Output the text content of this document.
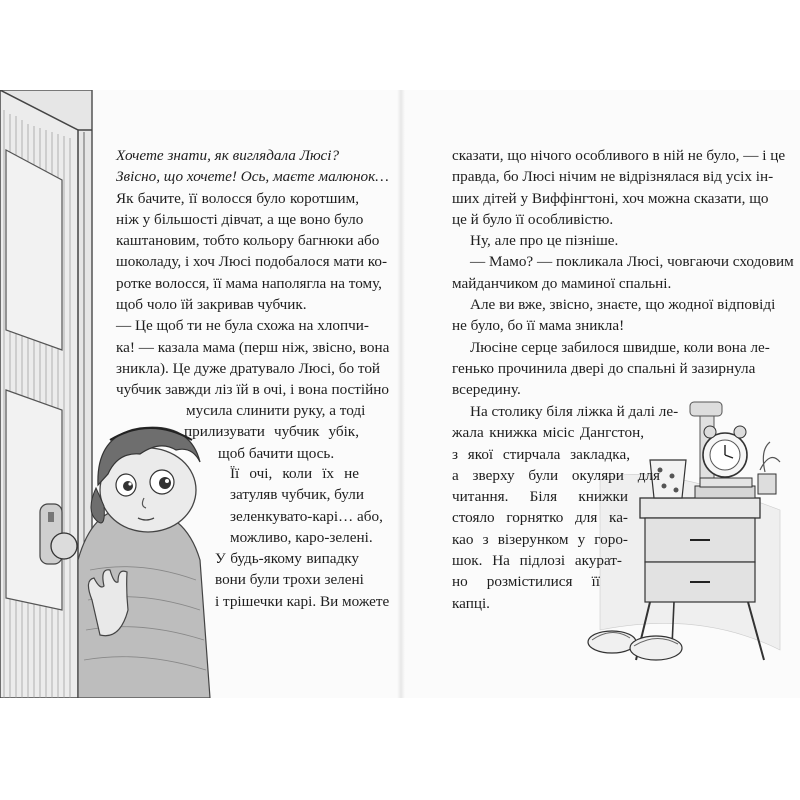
Хочете знати, як виглядала Люсі?
Звісно, що хочете! Ось, маєте малюнок…
Як бачите, її волосся було коротшим,
ніж у більшості дівчат, а ще воно було
каштановим, тобто кольору багнюки або
шоколаду, і хоч Люсі подобалося мати ко-
ротке волосся, її мама наполягла на тому,
щоб чоло їй закривав чубчик.
— Це щоб ти не була схожа на хлопчи-
ка! — казала мама (перш ніж, звісно, вона
зникла). Це дуже дратувало Люсі, бо той
чубчик завжди ліз їй в очі, і вона постійно
мусила слинити руку, а тоді
прилизувати чубчик убік,
щоб бачити щось.
Її очі, коли їх не
затуляв чубчик, були
зеленкувато-карі… або,
можливо, каро-зелені.
У будь-якому випадку
вони були трохи зелені
і трішечки карі. Ви можете
сказати, що нічого особливого в ній не було, — і це
правда, бо Люсі нічим не відрізнялася від усіх ін-
ших дітей у Виффінгтоні, хоч можна сказати, що
це й було її особливістю.
Ну, але про це пізніше.
— Мамо? — покликала Люсі, човгаючи сходовим
майданчиком до маминої спальні.
Але ви вже, звісно, знаєте, що жодної відповіді
не було, бо її мама зникла!
Люсіне серце забилося швидше, коли вона ле-
генько прочинила двері до спальні й зазирнула
всередину.
На столику біля ліжка й далі ле-
жала книжка місіс Дангстон,
з якої стирчала закладка,
а зверху були окуляри для
читання. Біля книжки
стояло горнятко для ка-
као з візерунком у горо-
шок. На підлозі акурат-
но розмістилися її
капці.
